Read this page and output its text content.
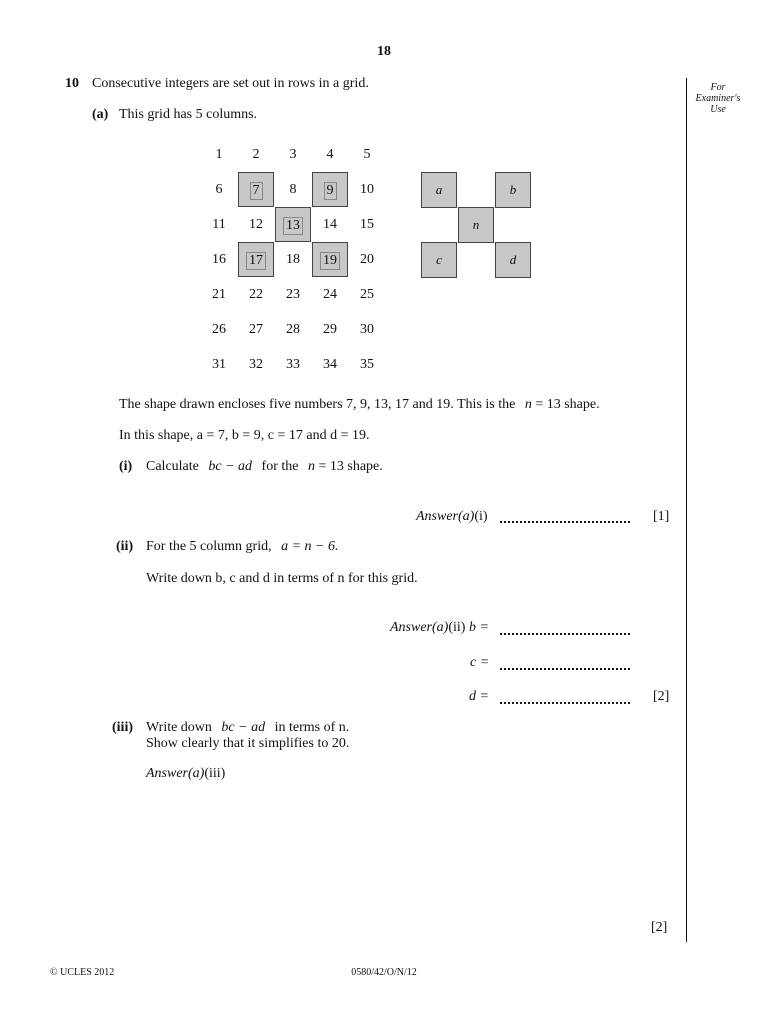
18
For
Examiner's
Use
10 Consecutive integers are set out in rows in a grid.
(a) This grid has 5 columns.
1	2	3	4	5
6	7	8	9	10
11	12	13	14	15
16	17	18	19	20
21	22	23	24	25
26	27	28	29	30
31	32	33	34	35
a	b
n
c	d
The shape drawn encloses five numbers 7, 9, 13, 17 and 19. This is the n = 13 shape.
In this shape, a = 7, b = 9, c = 17 and d = 19.
(i) Calculate bc − ad for the n = 13 shape.
Answer(a)(i)	[1]
(ii) For the 5 column grid, a = n − 6.
Write down b, c and d in terms of n for this grid.
Answer(a)(ii) b =
c =
d =	[2]
(iii) Write down bc − ad in terms of n.
Show clearly that it simplifies to 20.
Answer(a)(iii)
[2]
© UCLES 2012	0580/42/O/N/12
